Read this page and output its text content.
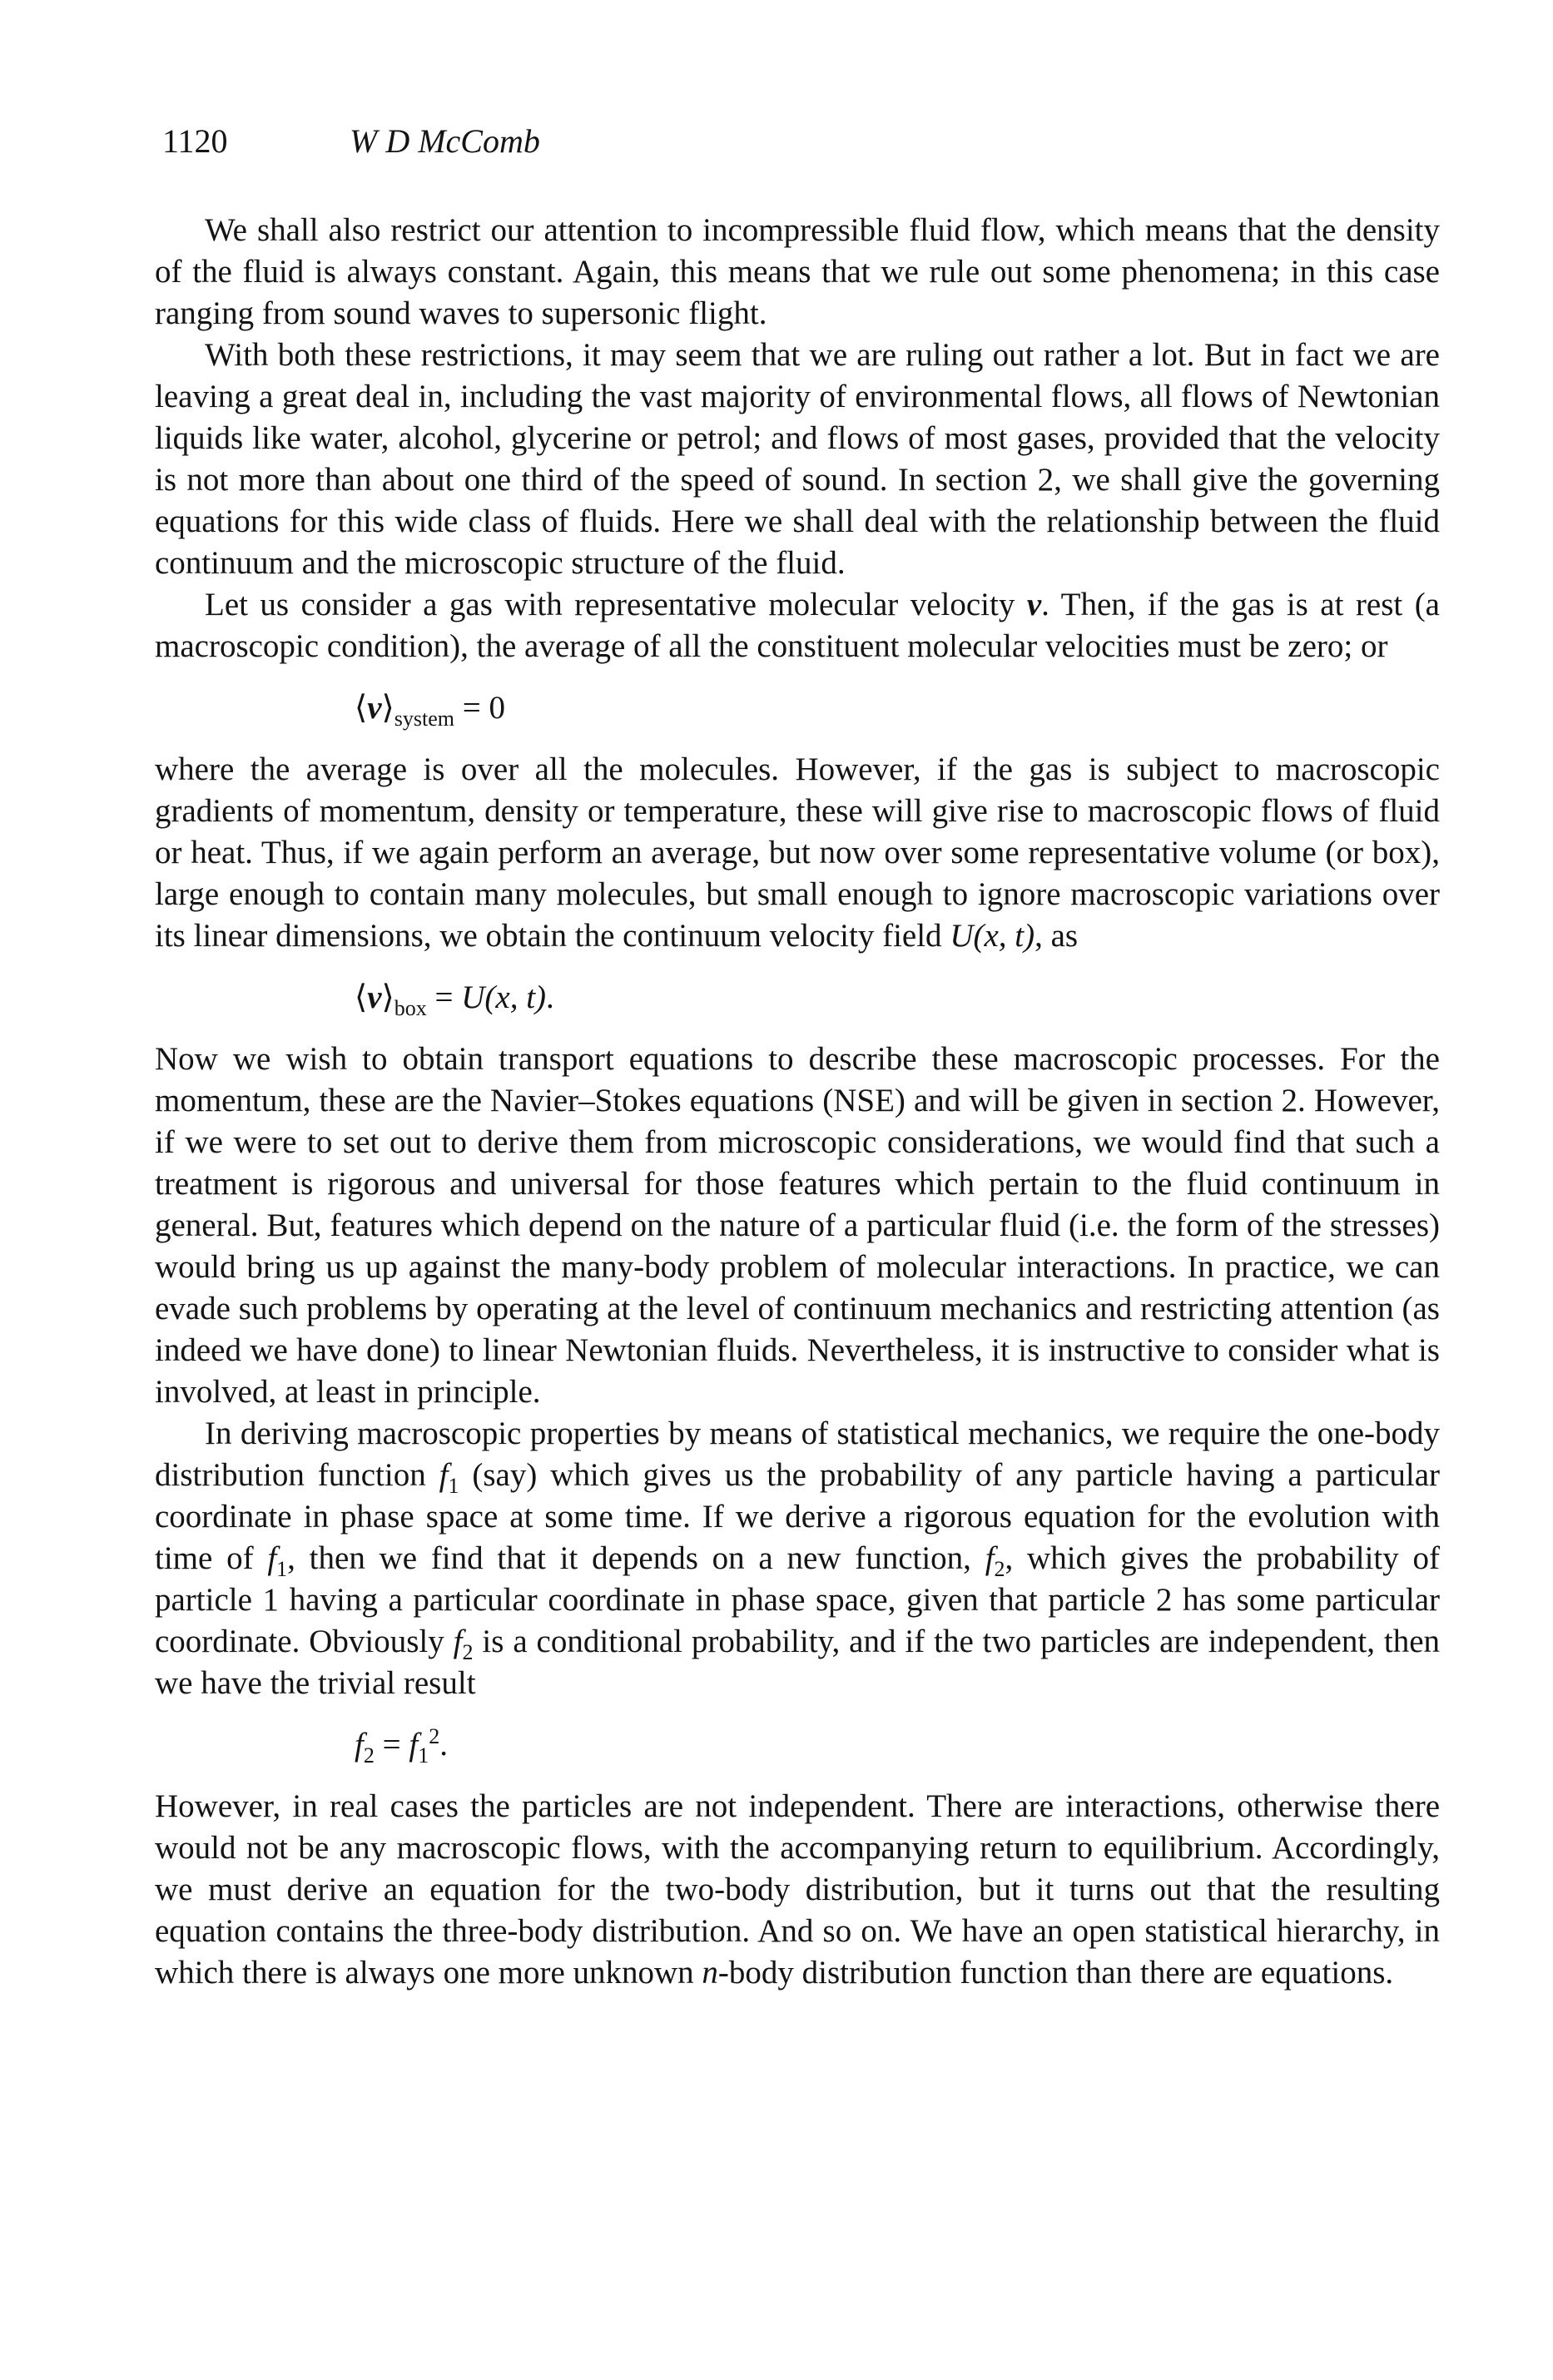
1120	W D McComb

We shall also restrict our attention to incompressible fluid flow, which means that the density of the fluid is always constant. Again, this means that we rule out some phenomena; in this case ranging from sound waves to supersonic flight.

With both these restrictions, it may seem that we are ruling out rather a lot. But in fact we are leaving a great deal in, including the vast majority of environmental flows, all flows of Newtonian liquids like water, alcohol, glycerine or petrol; and flows of most gases, provided that the velocity is not more than about one third of the speed of sound. In section 2, we shall give the governing equations for this wide class of fluids. Here we shall deal with the relationship between the fluid continuum and the microscopic structure of the fluid.

Let us consider a gas with representative molecular velocity v. Then, if the gas is at rest (a macroscopic condition), the average of all the constituent molecular velocities must be zero; or

$⟨v⟩_{system} = 0$

where the average is over all the molecules. However, if the gas is subject to macroscopic gradients of momentum, density or temperature, these will give rise to macroscopic flows of fluid or heat. Thus, if we again perform an average, but now over some representative volume (or box), large enough to contain many molecules, but small enough to ignore macroscopic variations over its linear dimensions, we obtain the continuum velocity field U(x, t), as

$⟨v⟩_{box} = U(x$, t).

Now we wish to obtain transport equations to describe these macroscopic processes. For the momentum, these are the Navier–Stokes equations (NSE) and will be given in section 2. However, if we were to set out to derive them from microscopic considerations, we would find that such a treatment is rigorous and universal for those features which pertain to the fluid continuum in general. But, features which depend on the nature of a particular fluid (i.e. the form of the stresses) would bring us up against the many-body problem of molecular interactions. In practice, we can evade such problems by operating at the level of continuum mechanics and restricting attention (as indeed we have done) to linear Newtonian fluids. Nevertheless, it is instructive to consider what is involved, at least in principle.

In deriving macroscopic properties by means of statistical mechanics, we require the one-body distribution function $f_1$ (say) which gives us the probability of any particle having a particular coordinate in phase space at some time. If we derive a rigorous equation for the evolution with time of $f_1$, then we find that it depends on a new function, $f_2$, which gives the probability of particle 1 having a particular coordinate in phase space, given that particle 2 has some particular coordinate. Obviously $f_2$ is a conditional probability, and if the two particles are independent, then we have the trivial result

$f_2 = f_1^2$.

However, in real cases the particles are not independent. There are interactions, otherwise there would not be any macroscopic flows, with the accompanying return to equilibrium. Accordingly, we must derive an equation for the two-body distribution, but it turns out that the resulting equation contains the three-body distribution. And so on. We have an open statistical hierarchy, in which there is always one more unknown n-body distribution function than there are equations.
